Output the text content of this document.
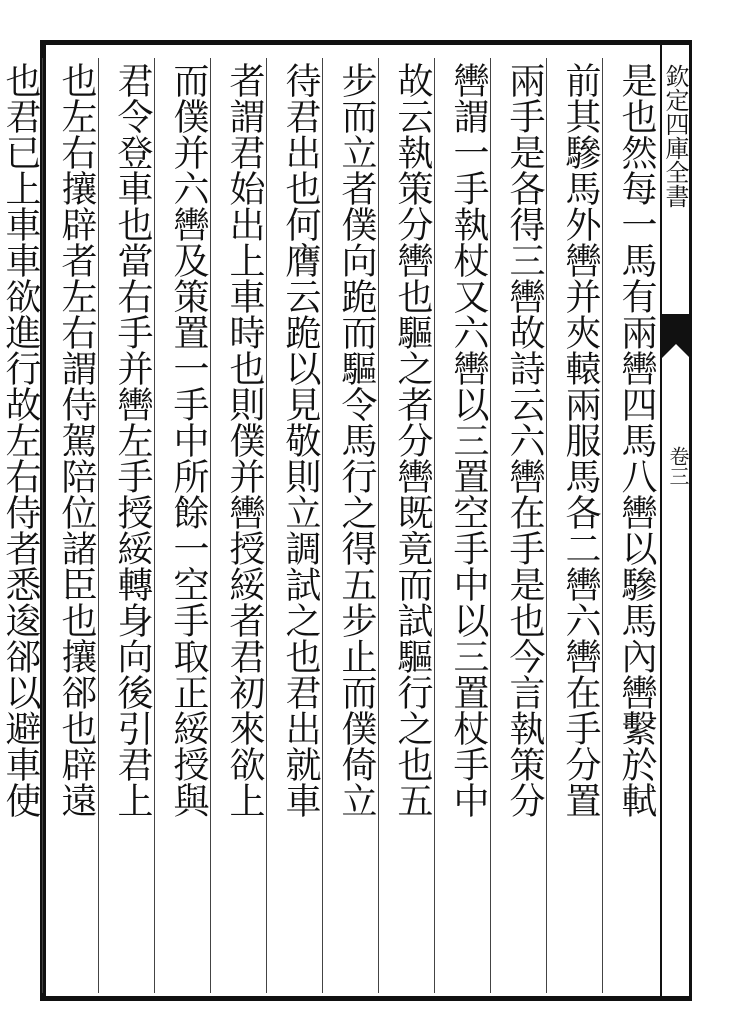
欽定四庫全書
卷三
是也然每一馬有兩轡四馬八轡以驂馬內轡繫於軾
前其驂馬外轡并夾轅兩服馬各二轡六轡在手分置
兩手是各得三轡故詩云六轡在手是也今言執策分
轡謂一手執杖又六轡以三置空手中以三置杖手中
故云執策分轡也驅之者分轡既竟而試驅行之也五
步而立者僕向跪而驅令馬行之得五步止而僕倚立
待君出也何膺云跪以見敬則立調試之也君出就車
者謂君始出上車時也則僕并轡授綏者君初來欲上
而僕并六轡及策置一手中所餘一空手取正綏授與
君令登車也當右手并轡左手授綏轉身向後引君上
也左右攘辟者左右謂侍駕陪位諸臣也攘郤也辟遠
也君已上車車欲進行故左右侍者悉逡郤以避車使
